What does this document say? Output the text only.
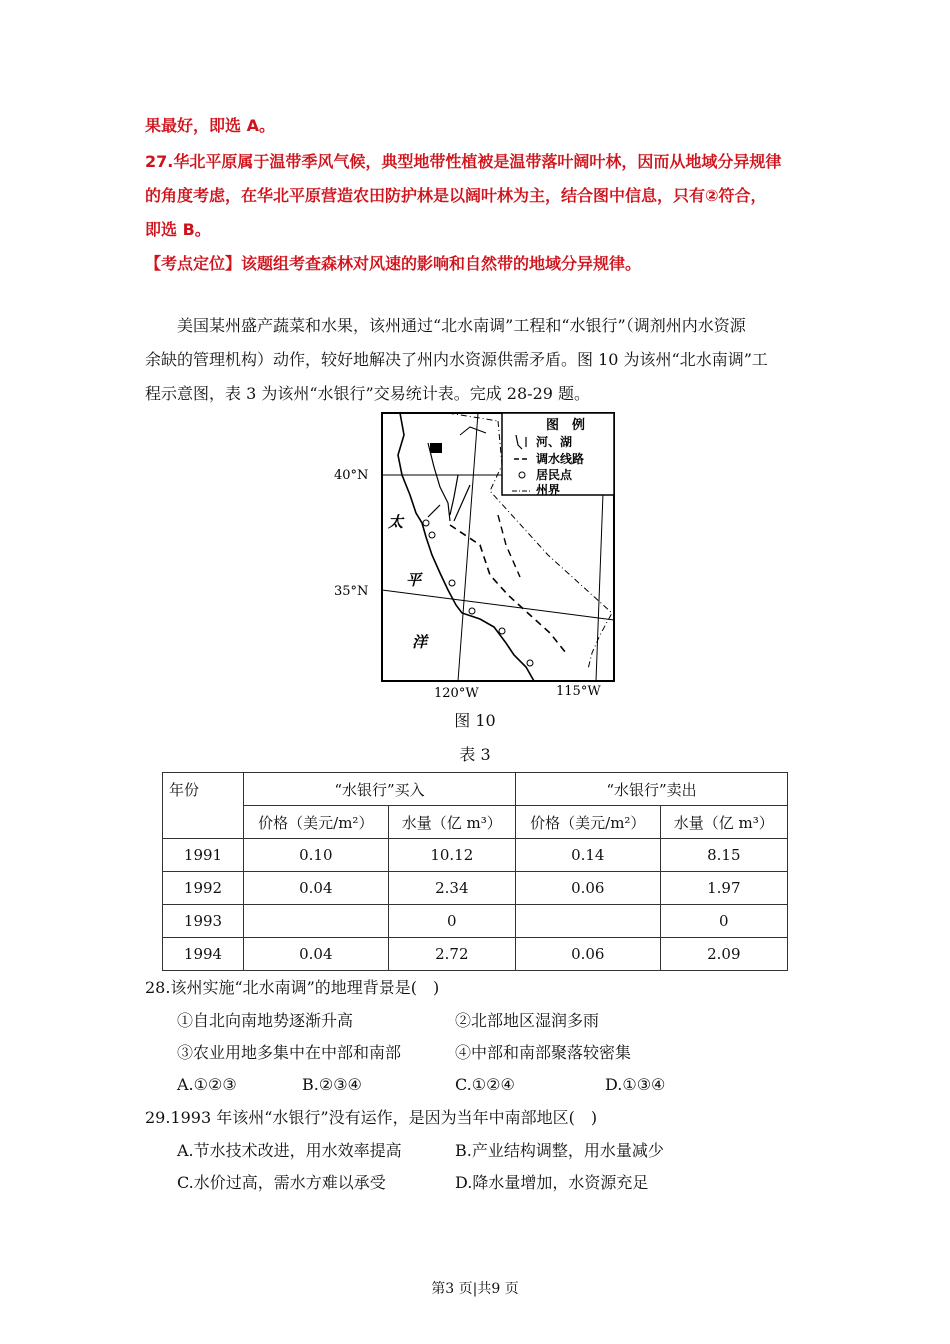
果最好，即选 A。
27.华北平原属于温带季风气候，典型地带性植被是温带落叶阔叶林，因而从地域分异规律
的角度考虑，在华北平原营造农田防护林是以阔叶林为主，结合图中信息，只有②符合，
即选 B。
【考点定位】该题组考查森林对风速的影响和自然带的地域分异规律。
美国某州盛产蔬菜和水果，该州通过“北水南调”工程和“水银行”（调剂州内水资源
余缺的管理机构）动作，较好地解决了州内水资源供需矛盾。图 10 为该州“北水南调”工
程示意图，表 3 为该州“水银行”交易统计表。完成 28-29 题。
图　例
河、湖
调水线路
居民点
州界
40°N
35°N
120°W	115°W
太
平
洋
图 10
表 3
年份	“水银行”买入		“水银行”卖出	
	价格（美元/m²）	水量（亿 m³）	价格（美元/m²）	水量（亿 m³）
1991	0.10	10.12	0.14	8.15
1992	0.04	2.34	0.06	1.97
1993		0		0
1994	0.04	2.72	0.06	2.09
28.该州实施“北水南调”的地理背景是(　)
①自北向南地势逐渐升高	②北部地区湿润多雨
③农业用地多集中在中部和南部	④中部和南部聚落较密集
A.①②③	B.②③④	C.①②④	D.①③④
29.1993 年该州“水银行”没有运作，是因为当年中南部地区(　)
A.节水技术改进，用水效率提高	B.产业结构调整，用水量减少
C.水价过高，需水方难以承受	D.降水量增加，水资源充足
第3 页|共9 页
